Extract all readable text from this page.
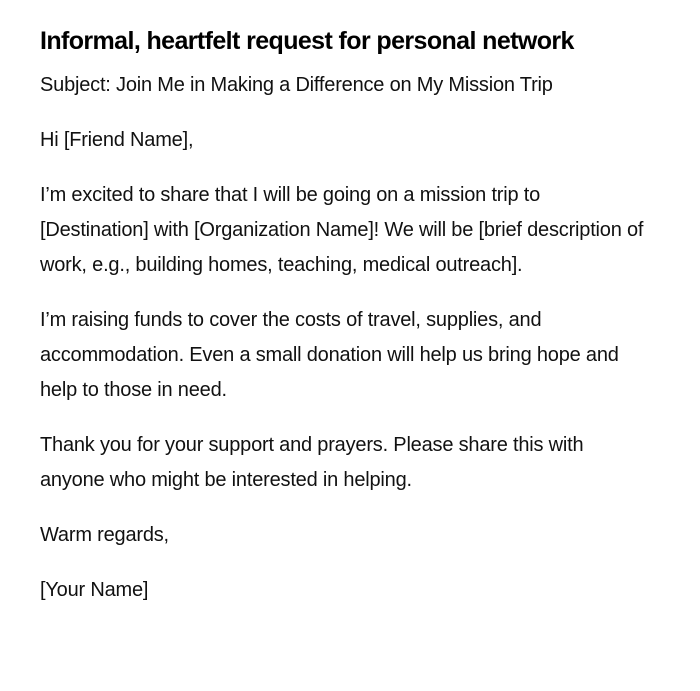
Informal, heartfelt request for personal network

Subject: Join Me in Making a Difference on My Mission Trip

Hi [Friend Name],

I’m excited to share that I will be going on a mission trip to [Destination] with [Organization Name]! We will be [brief description of work, e.g., building homes, teaching, medical outreach].

I’m raising funds to cover the costs of travel, supplies, and accommodation. Even a small donation will help us bring hope and help to those in need.

Thank you for your support and prayers. Please share this with anyone who might be interested in helping.

Warm regards,

[Your Name]
